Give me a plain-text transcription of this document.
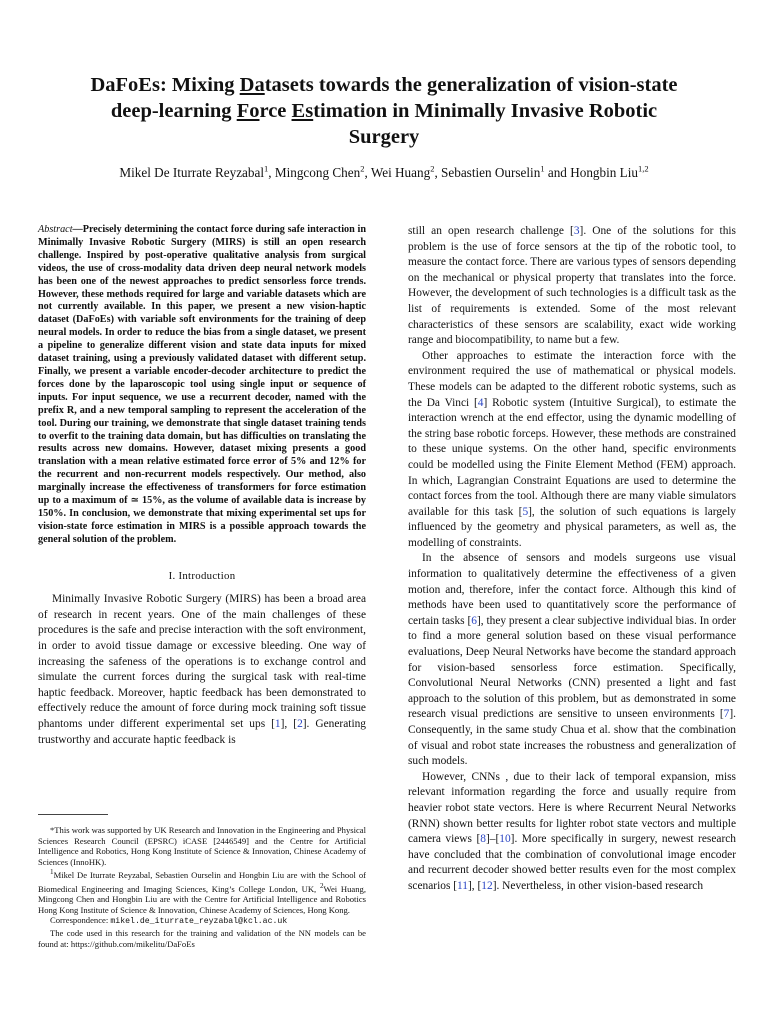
DaFoEs: Mixing Datasets towards the generalization of vision-state
deep-learning Force Estimation in Minimally Invasive Robotic
Surgery
Mikel De Iturrate Reyzabal$^1$, Mingcong Chen$^2$, Wei Huang$^2$, Sebastien Ourselin$^1$ and Hongbin Liu$^{1,2}$
Abstract—Precisely determining the contact force during safe interaction in Minimally Invasive Robotic Surgery (MIRS) is still an open research challenge. Inspired by post-operative qualitative analysis from surgical videos, the use of cross-modality data driven deep neural network models has been one of the newest approaches to predict sensorless force trends. However, these methods required for large and variable datasets which are not currently available. In this paper, we present a new vision-haptic dataset (DaFoEs) with variable soft environments for the training of deep neural models. In order to reduce the bias from a single dataset, we present a pipeline to generalize different vision and state data inputs for mixed dataset training, using a previously validated dataset with different setup. Finally, we present a variable encoder-decoder architecture to predict the forces done by the laparoscopic tool using single input or sequence of inputs. For input sequence, we use a recurrent decoder, named with the prefix R, and a new temporal sampling to represent the acceleration of the tool. During our training, we demonstrate that single dataset training tends to overfit to the training data domain, but has difficulties on translating the results across new domains. However, dataset mixing presents a good translation with a mean relative estimated force error of 5% and 12% for the recurrent and non-recurrent models respectively. Our method, also marginally increase the effectiveness of transformers for force estimation up to a maximum of ≃ 15%, as the volume of available data is increase by 150%. In conclusion, we demonstrate that mixing experimental set ups for vision-state force estimation in MIRS is a possible approach towards the general solution of the problem.
I. Introduction

Minimally Invasive Robotic Surgery (MIRS) has been a broad area of research in recent years. One of the main challenges of these procedures is the safe and precise interaction with the soft environment, in order to avoid tissue damage or excessive bleeding. One way of increasing the safeness of the operations is to exchange control and simulate the current forces during the surgical task with real-time haptic feedback. Moreover, haptic feedback has been demonstrated to effectively reduce the amount of force during mock training soft tissue phantoms under different experimental set ups [1], [2]. Generating trustworthy and accurate haptic feedback is

*This work was supported by UK Research and Innovation in the Engineering and Physical Sciences Research Council (EPSRC) iCASE [2446549] and the Centre for Artificial Intelligence and Robotics, Hong Kong Institute of Science & Innovation, Chinese Academy of Sciences (InnoHK).

$^1$Mikel De Iturrate Reyzabal, Sebastien Ourselin and Hongbin Liu are with the School of Biomedical Engineering and Imaging Sciences, King’s College London, UK, $^2$Wei Huang, Mingcong Chen and Hongbin Liu are with the Centre for Artificial Intelligence and Robotics Hong Kong Institute of Science & Innovation, Chinese Academy of Sciences, Hong Kong.

Correspondence: mikel.de_iturrate_reyzabal@kcl.ac.uk

The code used in this research for the training and validation of the NN models can be found at: https://github.com/mikelitu/DaFoEs

still an open research challenge [3]. One of the solutions for this problem is the use of force sensors at the tip of the robotic tool, to measure the contact force. There are various types of sensors depending on the mechanical or physical property that translates into the force. However, the development of such technologies is a difficult task as the list of requirements is extended. Some of the most relevant characteristics of these sensors are scalability, exact wide working range and biocompatibility, to name but a few.

Other approaches to estimate the interaction force with the environment required the use of mathematical or physical models. These models can be adapted to the different robotic systems, such as the Da Vinci [4] Robotic system (Intuitive Surgical), to estimate the interaction wrench at the end effector, using the dynamic modelling of the string base robotic forceps. However, these methods are constrained to these unique systems. On the other hand, specific environments could be modelled using the Finite Element Method (FEM) approach. In which, Lagrangian Constraint Equations are used to determine the contact forces from the tool. Although there are many viable simulators available for this task [5], the solution of such equations is largely influenced by the geometry and physical parameters, as well as, the modelling of constraints.

In the absence of sensors and models surgeons use visual information to qualitatively determine the effectiveness of a given motion and, therefore, infer the contact force. Although this kind of methods have been used to quantitatively score the performance of certain tasks [6], they present a clear subjective individual bias. In order to find a more general solution based on these visual performance evaluations, Deep Neural Networks have become the standard approach for vision-based sensorless force estimation. Specifically, Convolutional Neural Networks (CNN) presented a light and fast approach to the solution of this problem, but as demonstrated in some research visual predictions are sensitive to unseen environments [7]. Consequently, in the same study Chua et al. show that the combination of visual and robot state increases the robustness and generalization of such models.

However, CNNs , due to their lack of temporal expansion, miss relevant information regarding the force and usually require from heavier robot state vectors. Here is where Recurrent Neural Networks (RNN) shown better results for lighter robot state vectors and multiple camera views [8]–[10]. More specifically in surgery, newest research have concluded that the combination of convolutional image encoder and recurrent decoder showed better results even for the most complex scenarios [11], [12]. Nevertheless, in other vision-based research
